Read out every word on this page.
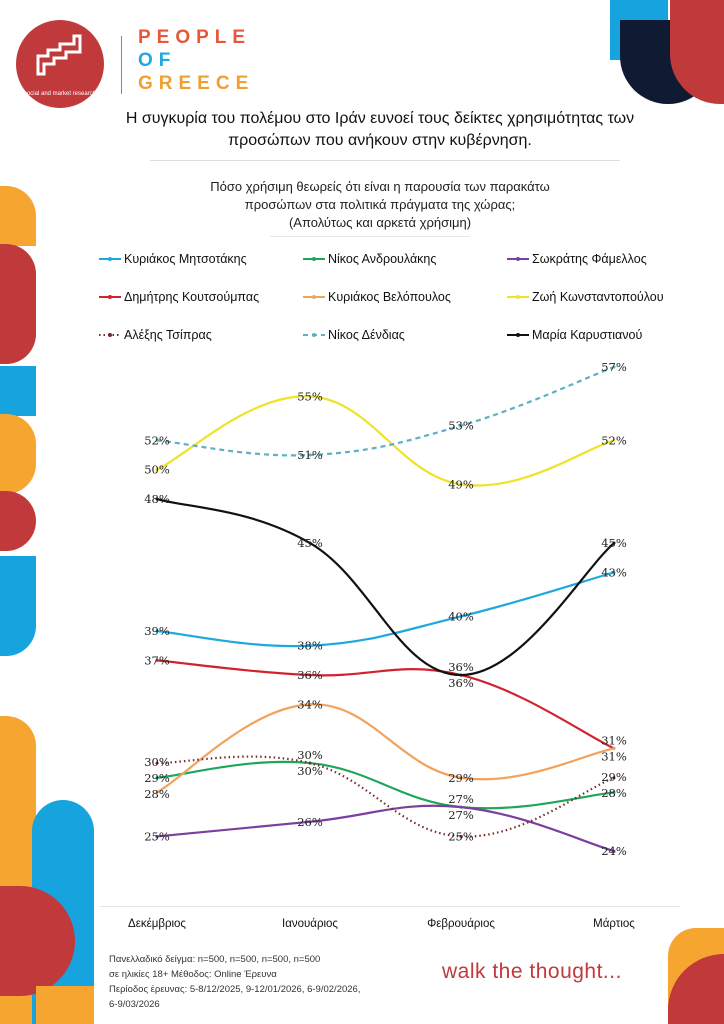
social and market research
PEOPLE
OF
GREECE
Η συγκυρία του πολέμου στο Ιράν ευνοεί τους δείκτες χρησιμότητας των προσώπων που ανήκουν στην κυβέρνηση.
Πόσο χρήσιμη θεωρείς ότι είναι η παρουσία των παρακάτω
προσώπων στα πολιτικά πράγματα της χώρας;
(Απολύτως και αρκετά χρήσιμη)
Κυριάκος Μητσοτάκης	Νίκος Ανδρουλάκης	Σωκράτης Φάμελλος
Δημήτρης Κουτσούμπας	Κυριάκος Βελόπουλος	Ζωή Κωνσταντοπούλου
Αλέξης Τσίπρας	Νίκος Δένδιας	Μαρία Καρυστιανού
52%
50%
48%
39%
37%
30%
29%
28%
25%
55%
51%
45%
38%
36%
34%
30%
30%
26%
53%
49%
40%
36%
36%
29%
27%
27%
25%
57%
52%
45%
43%
31%
31%
29%
28%
24%
Δεκέμβριος	Ιανουάριος	Φεβρουάριος	Μάρτιος
Πανελλαδικό δείγμα: n=500, n=500, n=500, n=500
σε ηλικίες 18+ Μέθοδος: Online Έρευνα
Περίοδος έρευνας: 5-8/12/2025, 9-12/01/2026, 6-9/02/2026,
6-9/03/2026
walk the thought...
